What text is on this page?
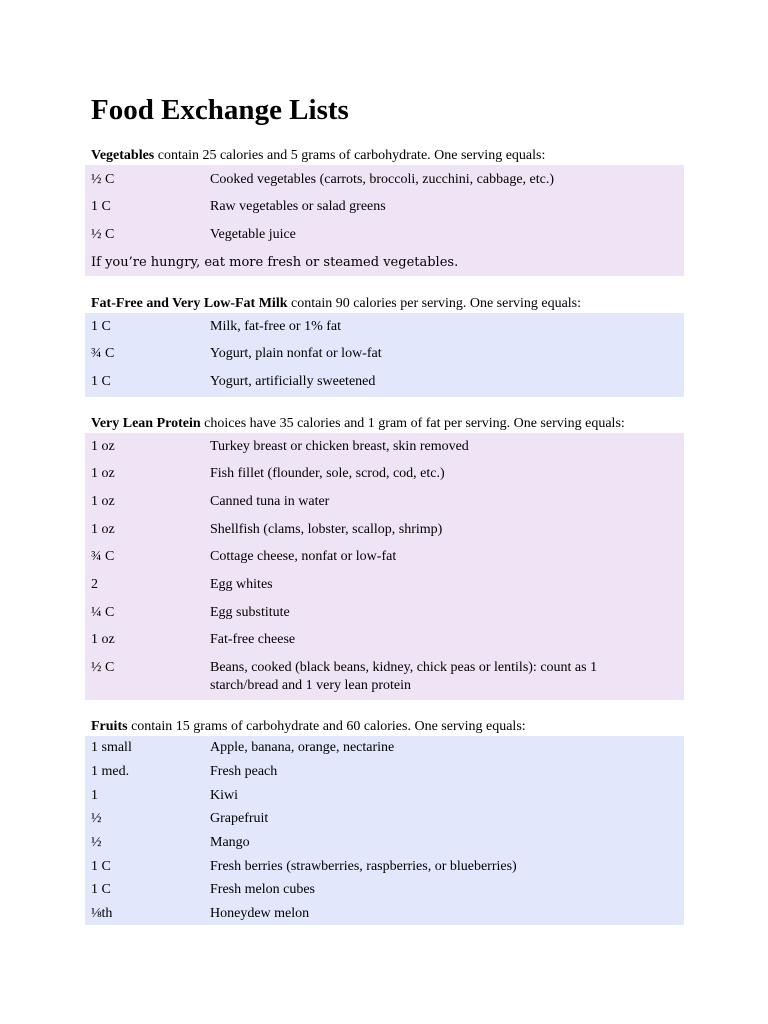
Food Exchange Lists
Vegetables contain 25 calories and 5 grams of carbohydrate. One serving equals:
½ C	Cooked vegetables (carrots, broccoli, zucchini, cabbage, etc.)
1 C	Raw vegetables or salad greens
½ C	Vegetable juice
If you’re hungry, eat more fresh or steamed vegetables.
Fat-Free and Very Low-Fat Milk contain 90 calories per serving. One serving equals:
1 C	Milk, fat-free or 1% fat
¾ C	Yogurt, plain nonfat or low-fat
1 C	Yogurt, artificially sweetened
Very Lean Protein choices have 35 calories and 1 gram of fat per serving. One serving equals:
1 oz	Turkey breast or chicken breast, skin removed
1 oz	Fish fillet (flounder, sole, scrod, cod, etc.)
1 oz	Canned tuna in water
1 oz	Shellfish (clams, lobster, scallop, shrimp)
¾ C	Cottage cheese, nonfat or low-fat
2	Egg whites
¼ C	Egg substitute
1 oz	Fat-free cheese
½ C	Beans, cooked (black beans, kidney, chick peas or lentils): count as 1 starch/bread and 1 very lean protein
Fruits contain 15 grams of carbohydrate and 60 calories. One serving equals:
1 small	Apple, banana, orange, nectarine
1 med.	Fresh peach
1	Kiwi
½	Grapefruit
½	Mango
1 C	Fresh berries (strawberries, raspberries, or blueberries)
1 C	Fresh melon cubes
⅛th	Honeydew melon
